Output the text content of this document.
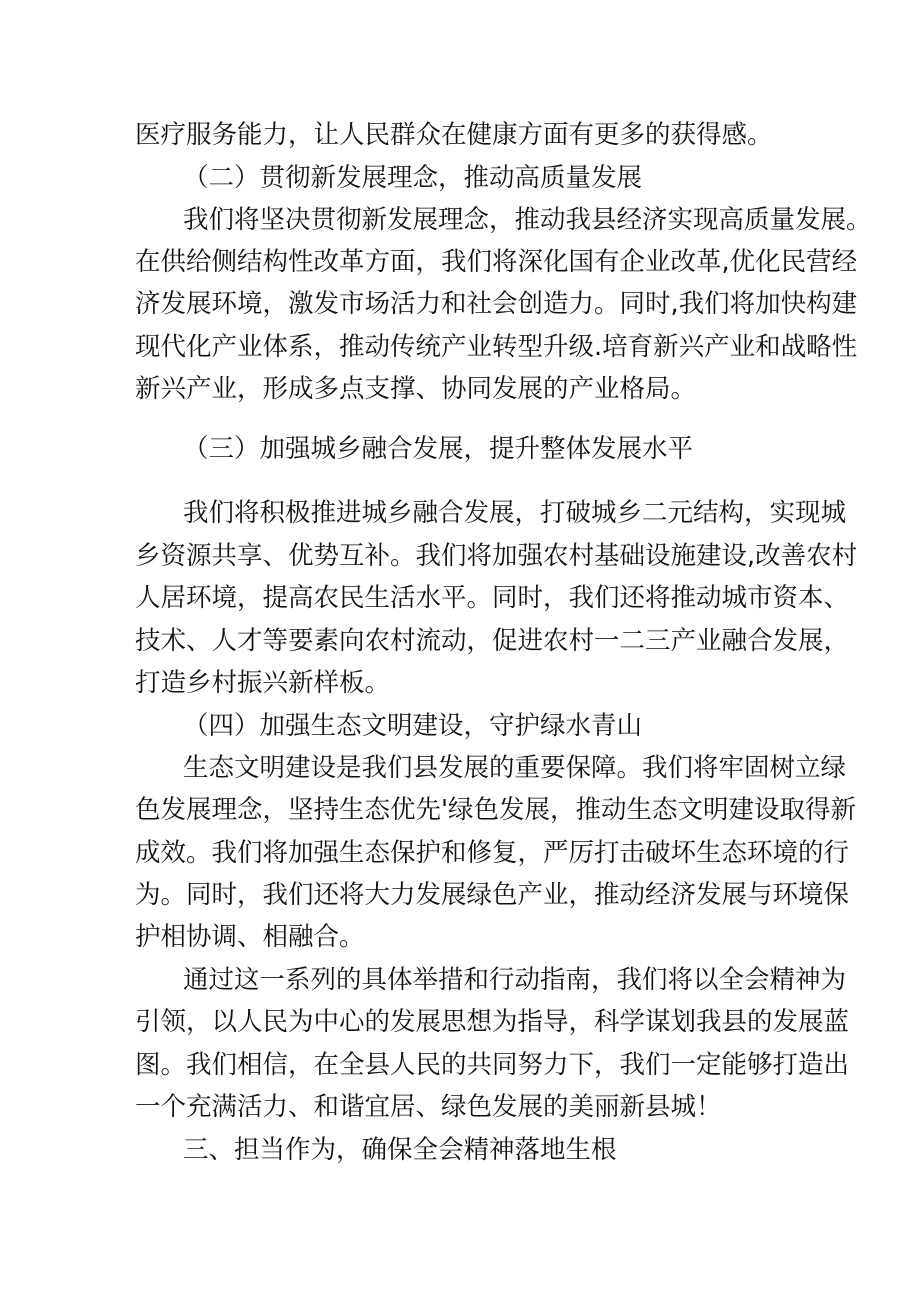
医疗服务能力，让人民群众在健康方面有更多的获得感。
（二）贯彻新发展理念，推动高质量发展
我们将坚决贯彻新发展理念，推动我县经济实现高质量发展。
在供给侧结构性改革方面，我们将深化国有企业改革,优化民营经
济发展环境，激发市场活力和社会创造力。同时,我们将加快构建
现代化产业体系，推动传统产业转型升级.培育新兴产业和战略性
新兴产业，形成多点支撑、协同发展的产业格局。
（三）加强城乡融合发展，提升整体发展水平
我们将积极推进城乡融合发展，打破城乡二元结构，实现城
乡资源共享、优势互补。我们将加强农村基础设施建设,改善农村
人居环境，提高农民生活水平。同时，我们还将推动城市资本、
技术、人才等要素向农村流动，促进农村一二三产业融合发展，
打造乡村振兴新样板。
（四）加强生态文明建设，守护绿水青山
生态文明建设是我们县发展的重要保障。我们将牢固树立绿
色发展理念，坚持生态优先'绿色发展，推动生态文明建设取得新
成效。我们将加强生态保护和修复，严厉打击破坏生态环境的行
为。同时，我们还将大力发展绿色产业，推动经济发展与环境保
护相协调、相融合。
通过这一系列的具体举措和行动指南，我们将以全会精神为
引领，以人民为中心的发展思想为指导，科学谋划我县的发展蓝
图。我们相信，在全县人民的共同努力下，我们一定能够打造出
一个充满活力、和谐宜居、绿色发展的美丽新县城！
三、担当作为，确保全会精神落地生根
